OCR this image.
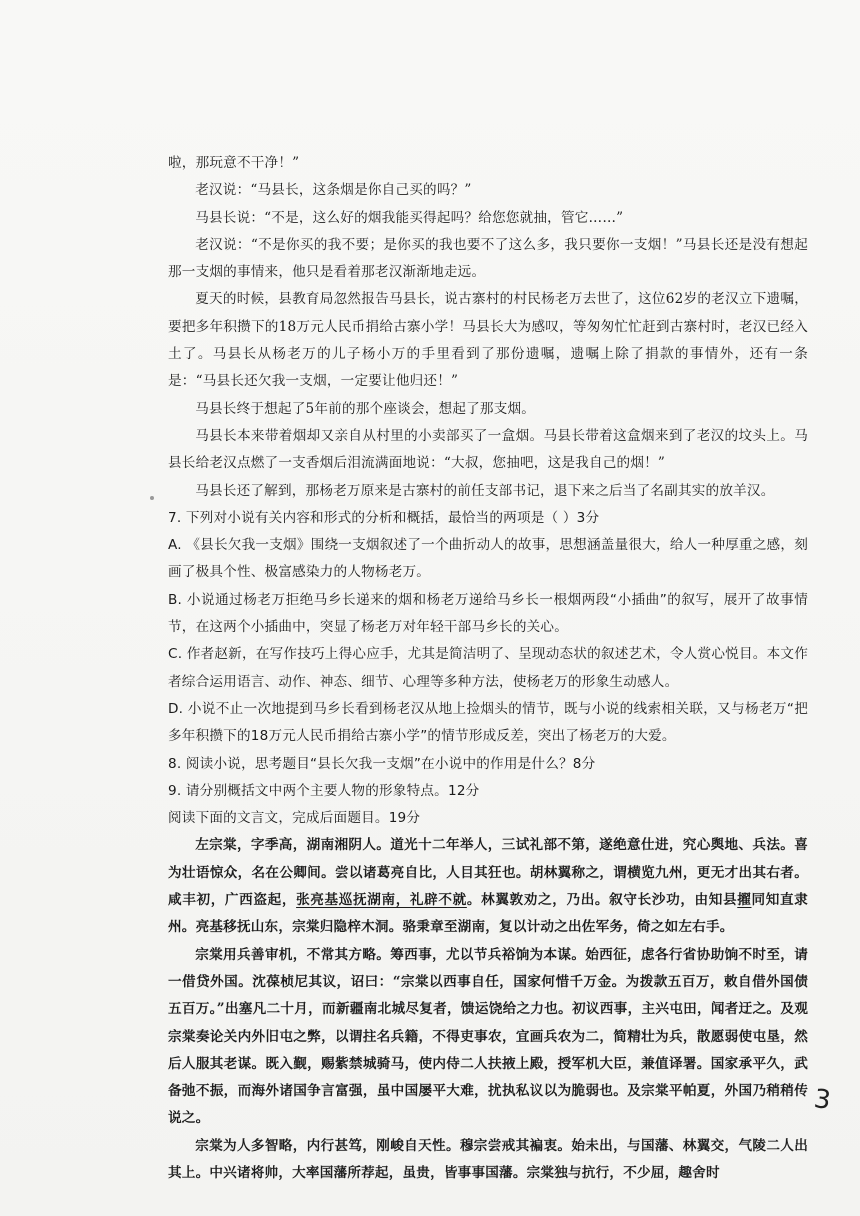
啦，那玩意不干净！”

老汉说：“马县长，这条烟是你自己买的吗？”

马县长说：“不是，这么好的烟我能买得起吗？给您您就抽，管它……”

老汉说：“不是你买的我不要；是你买的我也要不了这么多，我只要你一支烟！”马县长还是没有想起那一支烟的事情来，他只是看着那老汉渐渐地走远。

夏天的时候，县教育局忽然报告马县长，说古寨村的村民杨老万去世了，这位62岁的老汉立下遗嘱，要把多年积攒下的18万元人民币捐给古寨小学！马县长大为感叹，等匆匆忙忙赶到古寨村时，老汉已经入土了。马县长从杨老万的儿子杨小万的手里看到了那份遗嘱，遗嘱上除了捐款的事情外，还有一条是：“马县长还欠我一支烟，一定要让他归还！”

马县长终于想起了5年前的那个座谈会，想起了那支烟。

马县长本来带着烟却又亲自从村里的小卖部买了一盒烟。马县长带着这盒烟来到了老汉的坟头上。马县长给老汉点燃了一支香烟后泪流满面地说：“大叔，您抽吧，这是我自己的烟！”

马县长还了解到，那杨老万原来是古寨村的前任支部书记，退下来之后当了名副其实的放羊汉。

7. 下列对小说有关内容和形式的分析和概括，最恰当的两项是（ ）3分

A. 《县长欠我一支烟》围绕一支烟叙述了一个曲折动人的故事，思想涵盖量很大，给人一种厚重之感，刻画了极具个性、极富感染力的人物杨老万。

B. 小说通过杨老万拒绝马乡长递来的烟和杨老万递给马乡长一根烟两段“小插曲”的叙写，展开了故事情节，在这两个小插曲中，突显了杨老万对年轻干部马乡长的关心。

C. 作者赵新，在写作技巧上得心应手，尤其是简洁明了、呈现动态状的叙述艺术，令人赏心悦目。本文作者综合运用语言、动作、神态、细节、心理等多种方法，使杨老万的形象生动感人。

D. 小说不止一次地提到马乡长看到杨老汉从地上捡烟头的情节，既与小说的线索相关联，又与杨老万“把多年积攒下的18万元人民币捐给古寨小学”的情节形成反差，突出了杨老万的大爱。

8. 阅读小说，思考题目“县长欠我一支烟”在小说中的作用是什么？8分

9. 请分别概括文中两个主要人物的形象特点。12分

阅读下面的文言文，完成后面题目。19分

左宗棠，字季高，湖南湘阴人。道光十二年举人，三试礼部不第，遂绝意仕进，究心舆地、兵法。喜为壮语惊众，名在公卿间。尝以诸葛亮自比，人目其狂也。胡林翼称之，谓横览九州，更无才出其右者。咸丰初，广西盗起，张亮基巡抚湖南，礼辟不就。林翼敦劝之，乃出。叙守长沙功，由知县擢同知直隶州。亮基移抚山东，宗棠归隐梓木洞。骆秉章至湖南，复以计动之出佐军务，倚之如左右手。

宗棠用兵善审机，不常其方略。筹西事，尤以节兵裕饷为本谋。始西征，虑各行省协助饷不时至，请一借贷外国。沈葆桢尼其议，诏曰：“宗棠以西事自任，国家何惜千万金。为拨款五百万，敕自借外国债五百万。”出塞凡二十月，而新疆南北城尽复者，馈运饶给之力也。初议西事，主兴屯田，闻者迂之。及观宗棠奏论关内外旧屯之弊，以谓拄名兵籍，不得吏事农，宜画兵农为二，简精壮为兵，散愿弱使屯垦，然后人服其老谋。既入觐，赐紫禁城骑马，使内侍二人扶掖上殿，授军机大臣，兼值译署。国家承平久，武备弛不振，而海外诸国争言富强，虽中国屡平大难，扰执私议以为脆弱也。及宗棠平帕夏，外国乃稍稍传说之。

宗棠为人多智略，内行甚笃，刚峻自天性。穆宗尝戒其褊衷。始未出，与国藩、林翼交，气陵二人出其上。中兴诸将帅，大率国藩所荐起，虽贵，皆事事国藩。宗棠独与抗行，不少屈，趣舍时

3
